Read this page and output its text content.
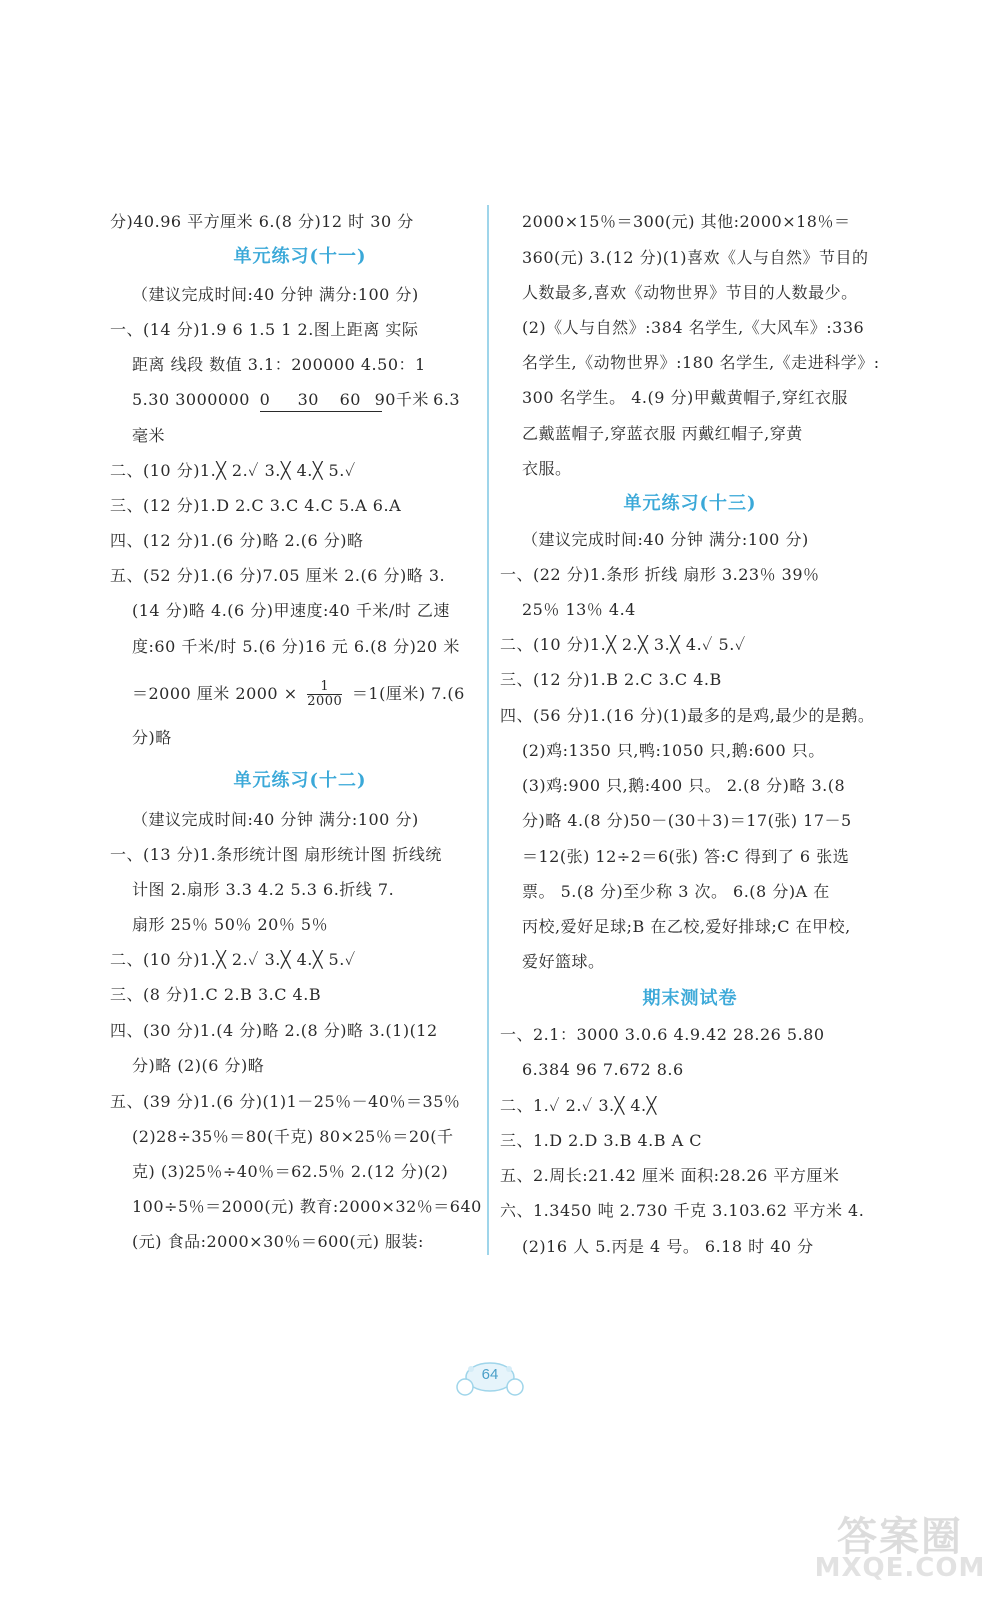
分)40.96 平方厘米 6.(8 分)12 时 30 分
单元练习(十一)
（建议完成时间:40 分钟 满分:100 分)
一、(14 分)1.9 6 1.5 1 2.图上距离 实际
距离 线段 数值 3.1：200000 4.50：1
5.30 3000000 0 30 60 90千米 6.3
毫米
二、(10 分)1.╳ 2.✓ 3.╳ 4.╳ 5.✓
三、(12 分)1.D 2.C 3.C 4.C 5.A 6.A
四、(12 分)1.(6 分)略 2.(6 分)略
五、(52 分)1.(6 分)7.05 厘米 2.(6 分)略 3.
(14 分)略 4.(6 分)甲速度:40 千米/时 乙速
度:60 千米/时 5.(6 分)16 元 6.(8 分)20 米
＝2000 厘米 $2000 \times \frac{1}{2000} =1$(厘米) 7.(6
分)略
单元练习(十二)
（建议完成时间:40 分钟 满分:100 分)
一、(13 分)1.条形统计图 扇形统计图 折线统
计图 2.扇形 3.3 4.2 5.3 6.折线 7.
扇形 25％ 50％ 20％ 5％
二、(10 分)1.╳ 2.✓ 3.╳ 4.╳ 5.✓
三、(8 分)1.C 2.B 3.C 4.B
四、(30 分)1.(4 分)略 2.(8 分)略 3.(1)(12
分)略 (2)(6 分)略
五、(39 分)1.(6 分)(1)1－25％－40％＝35％
(2)28÷35％＝80(千克) 80×25％＝20(千
克) (3)25％÷40％＝62.5％ 2.(12 分)(2)
100÷5％＝2000(元) 教育:2000×32％＝640
(元) 食品:2000×30％＝600(元) 服装:
2000×15％＝300(元) 其他:2000×18％＝
360(元) 3.(12 分)(1)喜欢《人与自然》节目的
人数最多,喜欢《动物世界》节目的人数最少。
(2)《人与自然》:384 名学生,《大风车》:336
名学生,《动物世界》:180 名学生,《走进科学》:
300 名学生。 4.(9 分)甲戴黄帽子,穿红衣服
乙戴蓝帽子,穿蓝衣服 丙戴红帽子,穿黄
衣服。
单元练习(十三)
（建议完成时间:40 分钟 满分:100 分)
一、(22 分)1.条形 折线 扇形 3.23％ 39％
25％ 13％ 4.4
二、(10 分)1.╳ 2.╳ 3.╳ 4.✓ 5.✓
三、(12 分)1.B 2.C 3.C 4.B
四、(56 分)1.(16 分)(1)最多的是鸡,最少的是鹅。
(2)鸡:1350 只,鸭:1050 只,鹅:600 只。
(3)鸡:900 只,鹅:400 只。 2.(8 分)略 3.(8
分)略 4.(8 分)50－(30＋3)＝17(张) 17－5
＝12(张) 12÷2＝6(张) 答:C 得到了 6 张选
票。 5.(8 分)至少称 3 次。 6.(8 分)A 在
丙校,爱好足球;B 在乙校,爱好排球;C 在甲校,
爱好篮球。
期末测试卷
一、2.1：3000 3.0.6 4.9.42 28.26 5.80
6.384 96 7.672 8.6
二、1.✓ 2.✓ 3.╳ 4.╳
三、1.D 2.D 3.B 4.B A C
五、2.周长:21.42 厘米 面积:28.26 平方厘米
六、1.3450 吨 2.730 千克 3.103.62 平方米 4.
(2)16 人 5.丙是 4 号。 6.18 时 40 分
64
答案圈
MXQE.COM
